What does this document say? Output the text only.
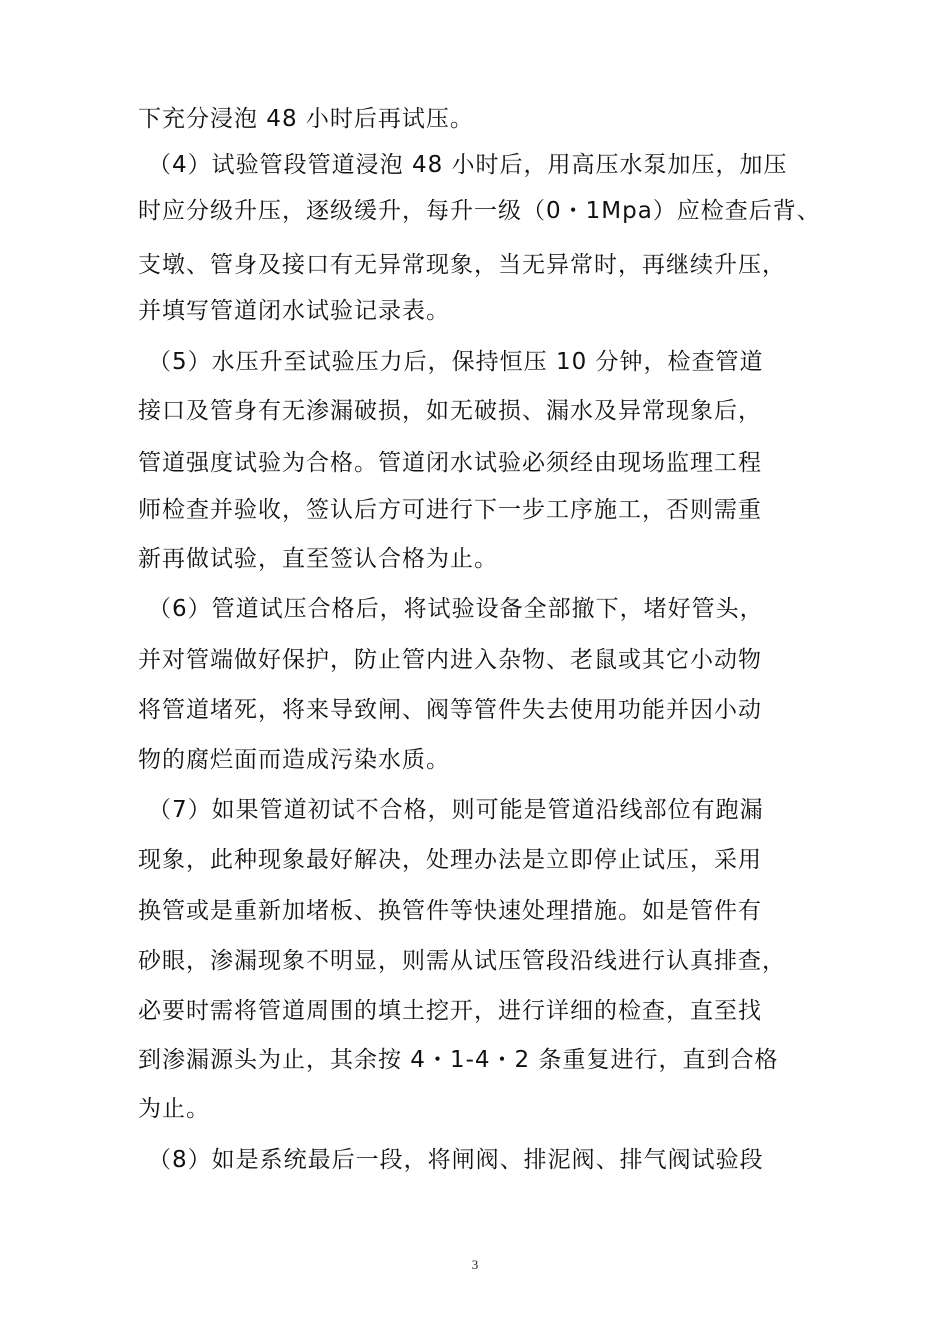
下充分浸泡 48 小时后再试压。
（4）试验管段管道浸泡 48 小时后，用高压水泵加压，加压
时应分级升压，逐级缓升，每升一级（0・1Mpa）应检查后背、
支墩、管身及接口有无异常现象，当无异常时，再继续升压，
并填写管道闭水试验记录表。
（5）水压升至试验压力后，保持恒压 10 分钟，检查管道
接口及管身有无渗漏破损，如无破损、漏水及异常现象后，
管道强度试验为合格。管道闭水试验必须经由现场监理工程
师检查并验收，签认后方可进行下一步工序施工，否则需重
新再做试验，直至签认合格为止。
（6）管道试压合格后，将试验设备全部撤下，堵好管头，
并对管端做好保护，防止管内进入杂物、老鼠或其它小动物
将管道堵死，将来导致闸、阀等管件失去使用功能并因小动
物的腐烂面而造成污染水质。
（7）如果管道初试不合格，则可能是管道沿线部位有跑漏
现象，此种现象最好解决，处理办法是立即停止试压，采用
换管或是重新加堵板、换管件等快速处理措施。如是管件有
砂眼，渗漏现象不明显，则需从试压管段沿线进行认真排查，
必要时需将管道周围的填土挖开，进行详细的检查，直至找
到渗漏源头为止，其余按 4・1-4・2 条重复进行，直到合格
为止。
（8）如是系统最后一段，将闸阀、排泥阀、排气阀试验段
3
